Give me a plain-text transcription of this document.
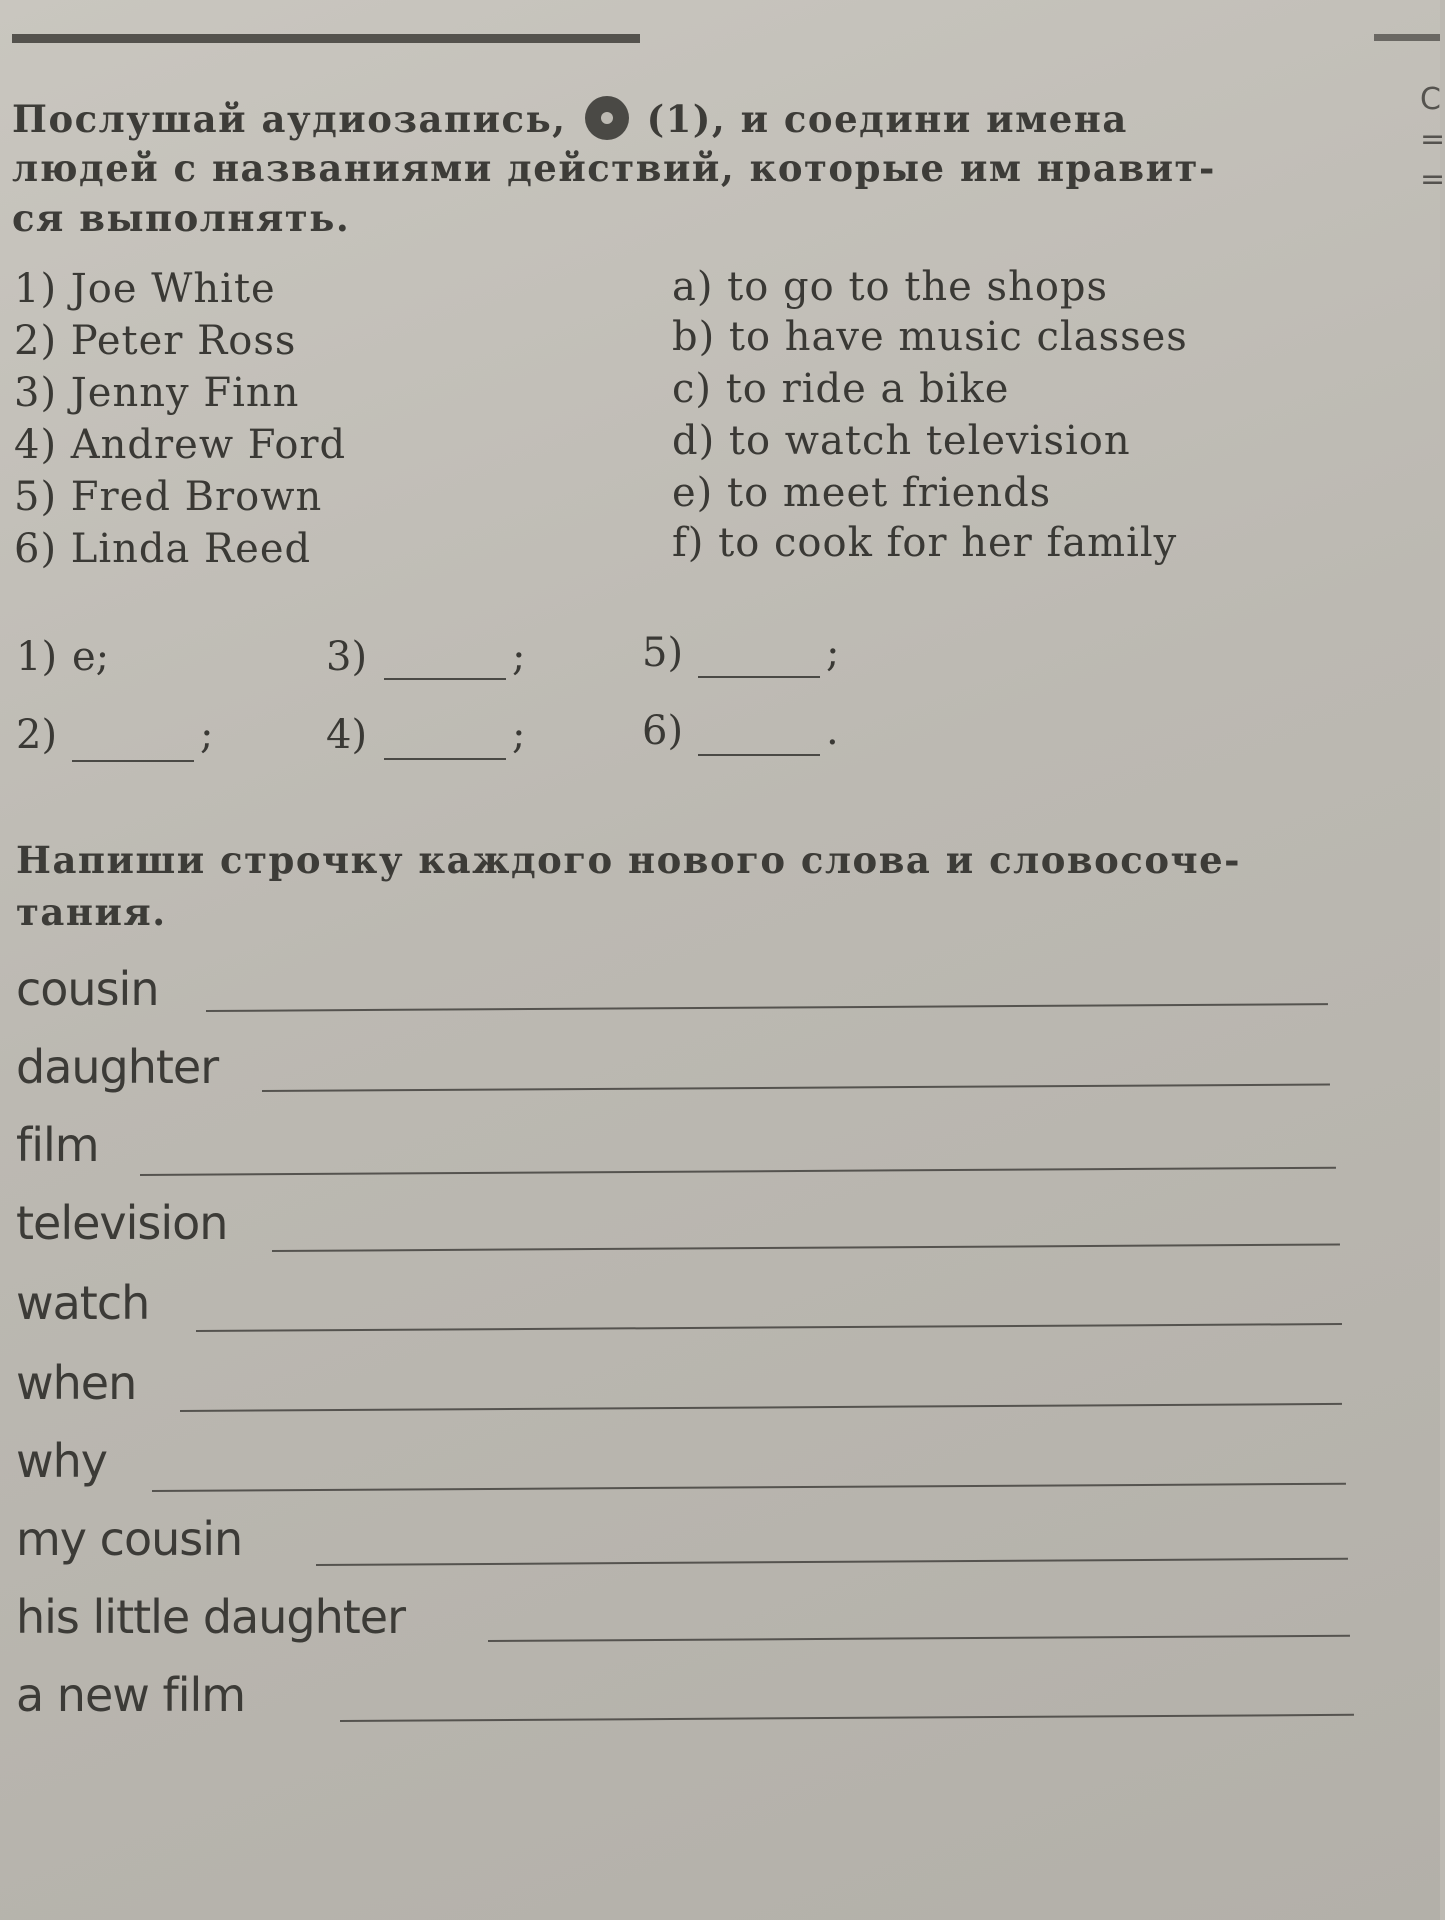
C
=
=
Послушай аудиозапись, (1), и соедини имена
людей с названиями действий, которые им нравит-
ся выполнять.
1) Joe White
2) Peter Ross
3) Jenny Finn
4) Andrew Ford
5) Fred Brown
6) Linda Reed
a) to go to the shops
b) to have music classes
c) to ride a bike
d) to watch television
e) to meet friends
f) to cook for her family
1) e;	3)	;	5)	;
2)	;	4)	;	6)	.
Напиши строчку каждого нового слова и словосоче-
тания.
cousin
daughter
film
television
watch
when
why
my cousin
his little daughter
a new film
